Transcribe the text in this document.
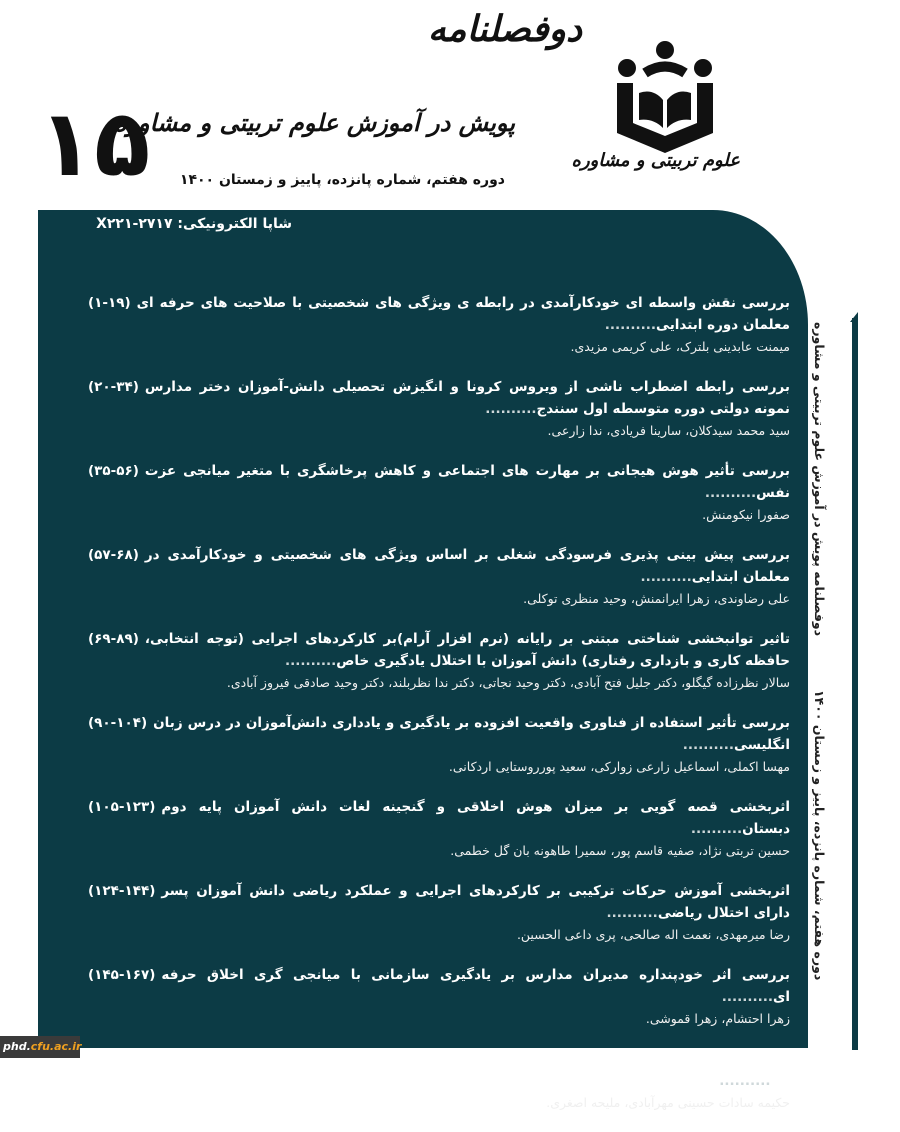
علوم تربیتی و مشاوره
دوفصلنامه
پویش در آموزش علوم تربیتی و مشاوره
دوره هفتم، شماره پانزده، پاییز و زمستان ۱۴۰۰
۱۵
شاپا الکترونیکی: X۲۲۱-۲۷۱۷

(۱-۱۹) بررسی نقش واسطه ای خودکارآمدی در رابطه ی ویژگی های شخصیتی با صلاحیت های حرفه ای معلمان دوره ابتدایی..........

میمنت عابدینی بلترک، علی کریمی مزیدی.

(۲۰-۳۴) بررسی رابطه اضطراب ناشی از ویروس کرونا و انگیزش تحصیلی دانش-آموزان دختر مدارس نمونه دولتی دوره متوسطه اول سنندج..........

سید محمد سیدکلان، سارینا فریادی، ندا زارعی.

(۳۵-۵۶) بررسی تأثیر هوش هیجانی بر مهارت های اجتماعی و کاهش پرخاشگری با متغیر میانجی عزت نفس..........

صفورا نیکومنش.

(۵۷-۶۸) بررسی پیش بینی پذیری فرسودگی شغلی بر اساس ویژگی های شخصیتی و خودکارآمدی در معلمان ابتدایی..........

علی رضاوندی، زهرا ایرانمنش، وحید منظری توکلی.

(۶۹-۸۹) تاثیر توانبخشی شناختی مبتنی بر رایانه (نرم افزار آرام)بر کارکردهای اجرایی (توجه انتخابی، حافظه کاری و بازداری رفتاری) دانش آموزان با اختلال یادگیری خاص..........

سالار نظرزاده گیگلو، دکتر جلیل فتح آبادی، دکتر وحید نجاتی، دکتر ندا نظربلند، دکتر وحید صادقی فیروز آبادی.

(۹۰-۱۰۴) بررسی تأثیر استفاده از فناوری واقعیت افزوده بر یادگیری و یادداری دانش‌آموزان در درس زبان انگلیسی..........

مهسا اکملی، اسماعیل زارعی زوارکی، سعید پورروستایی اردکانی.

(۱۰۵-۱۲۳) اثربخشی قصه گویی بر میزان هوش اخلاقی و گنجینه لغات دانش آموزان پایه دوم دبستان..........

حسین تربتی نژاد، صفیه قاسم پور، سمیرا طاهونه بان گل خطمی.

(۱۲۴-۱۴۴) اثربخشی آموزش حرکات ترکیبی بر کارکردهای اجرایی و عملکرد ریاضی دانش آموزان پسر دارای اختلال ریاضی..........

رضا میرمهدی، نعمت اله صالحی، پری داعی الحسین.

(۱۴۵-۱۶۷) بررسی اثر خودپنداره مدیران مدارس بر یادگیری سازمانی با میانجی گری اخلاق حرفه ای..........

زهرا احتشام، زهرا قموشی.

(۱۶۸-۱۸۶) بررسی ارتباط عملکرد خانواده با مسئولیت¬پذیری اجتماعی در دانشجویان دختر دانشگاه قم..........

حکیمه سادات حسینی مهرآبادی، ملیحه اصغری.

دوفصلنامه پویش در آموزش علوم تربیتی و مشاوره
دوره هفتم، شماره پانزده، پاییز و زمستان ۱۴۰۰
phd.cfu.ac.ir
